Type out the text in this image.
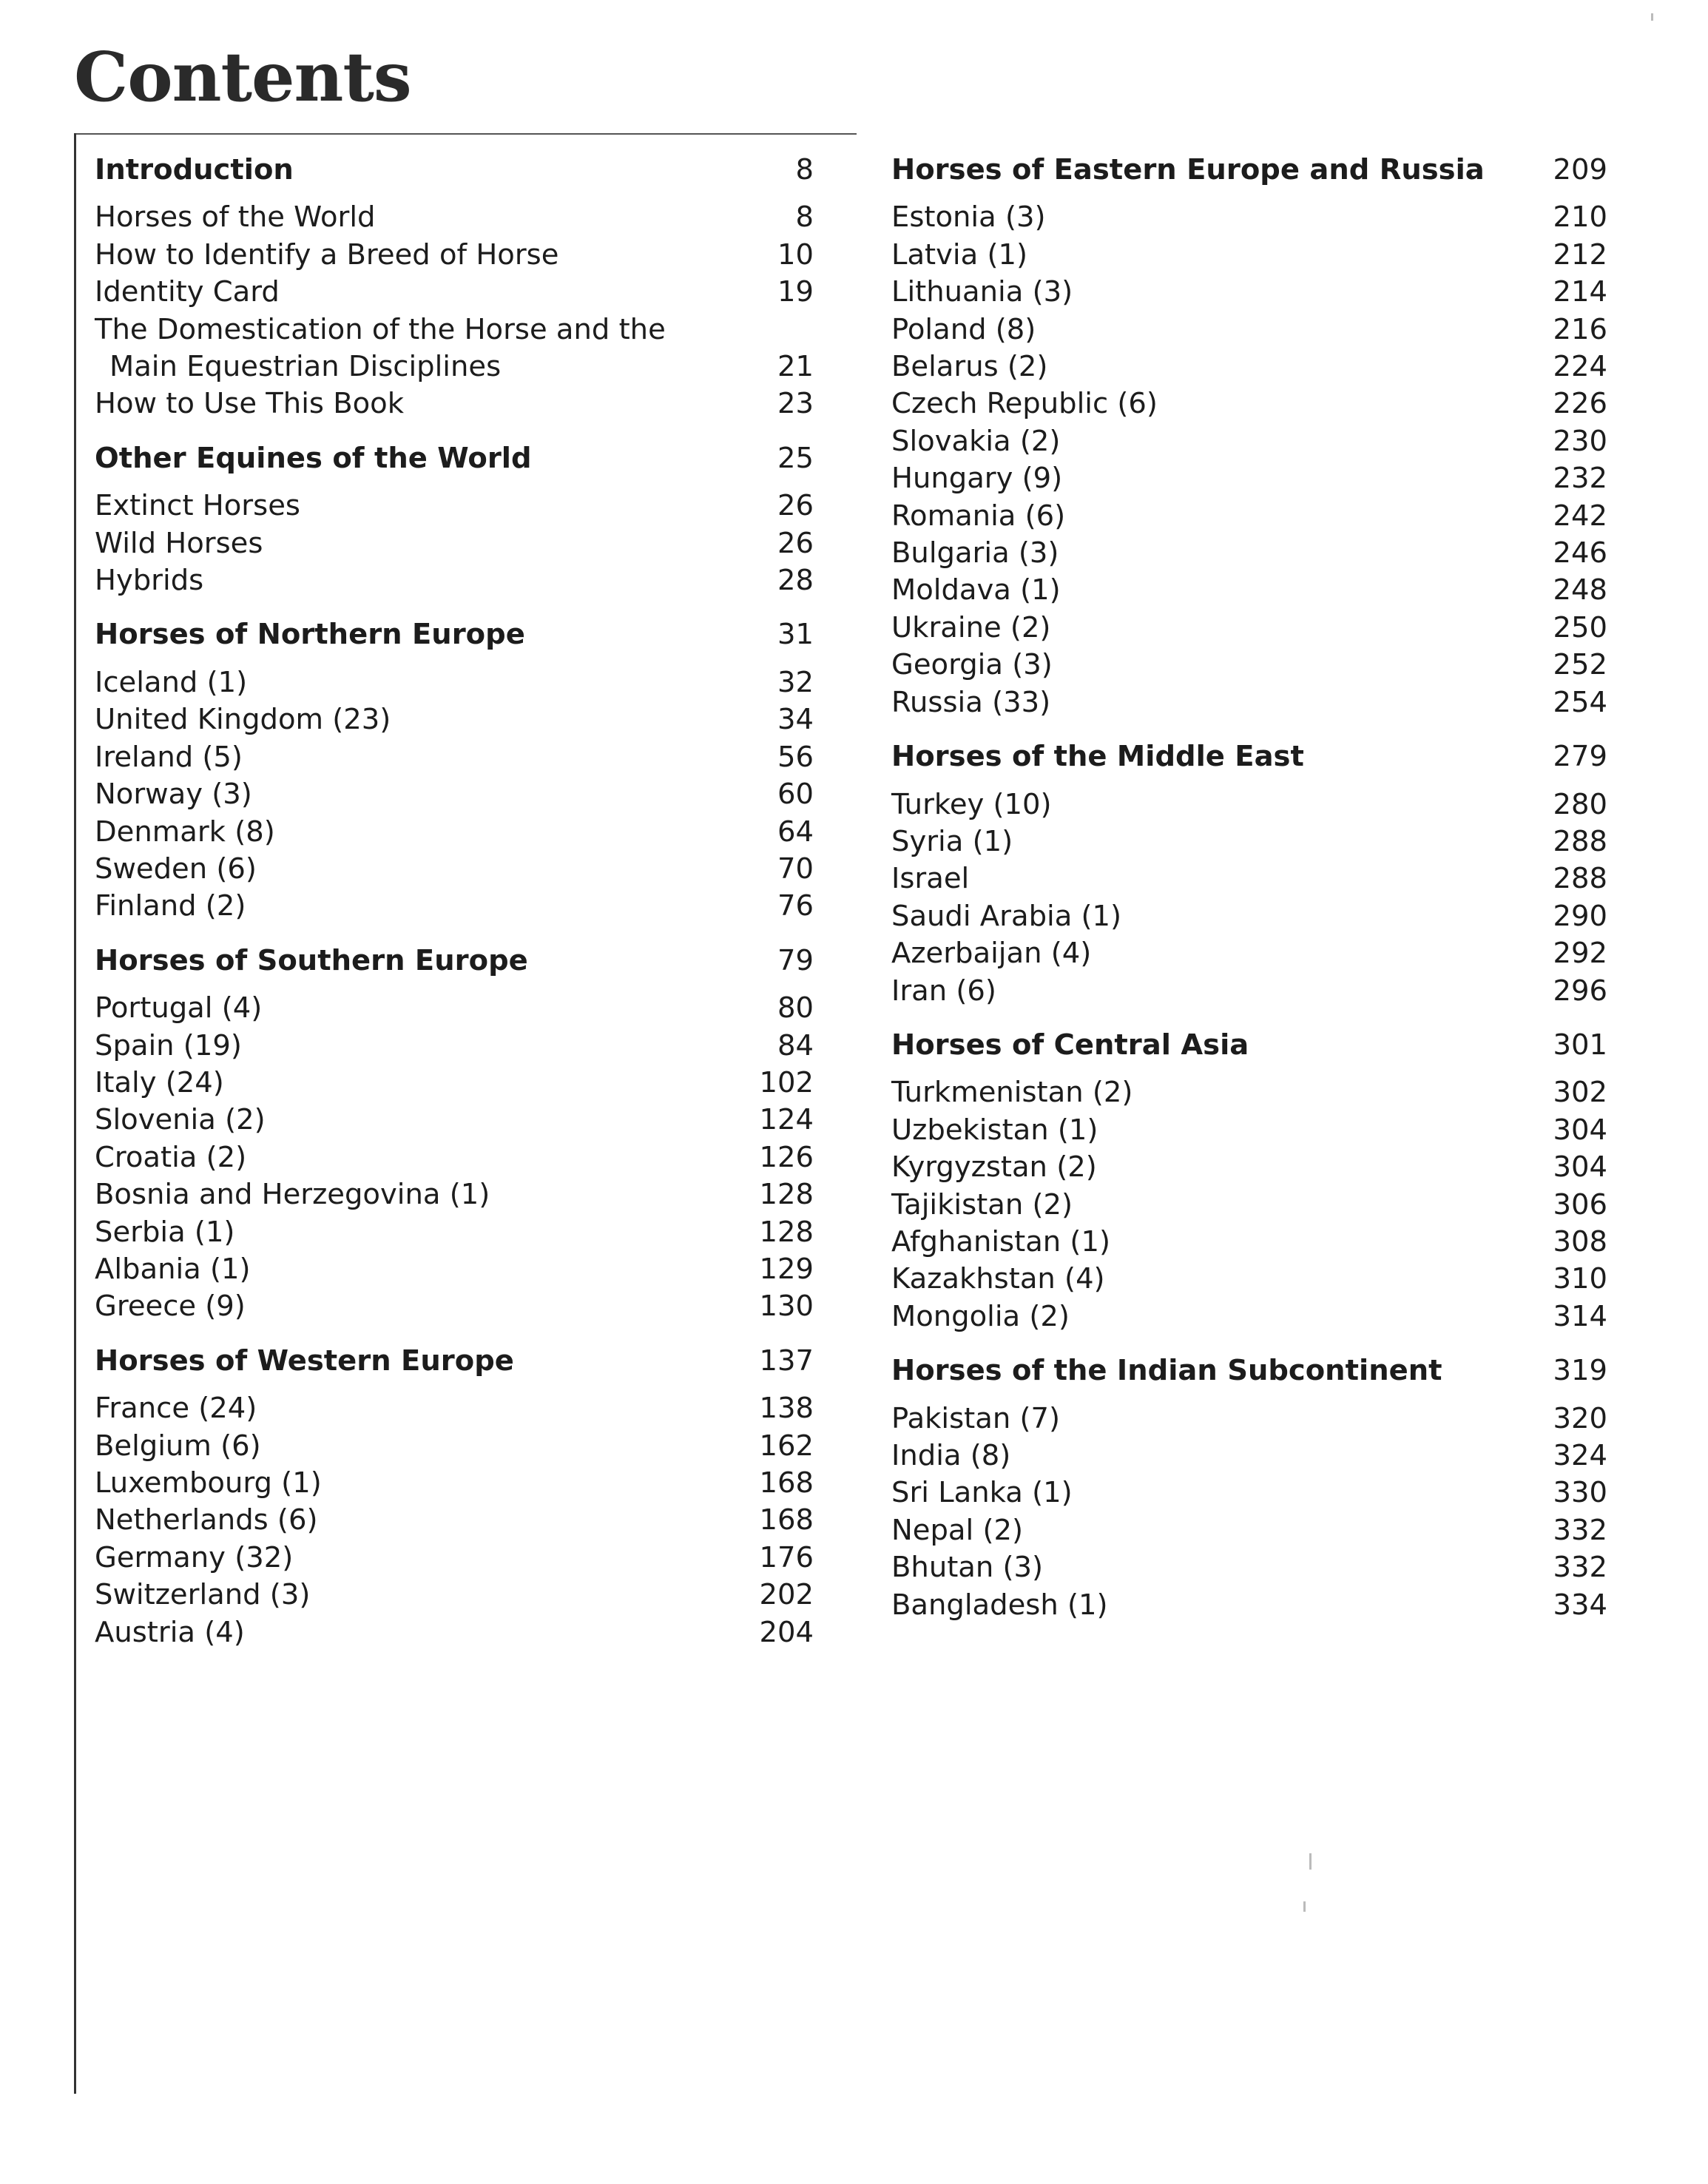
Contents
Introduction	8
Horses of the World	8
How to Identify a Breed of Horse	10
Identity Card	19
The Domestication of the Horse and the
Main Equestrian Disciplines	21
How to Use This Book	23
Other Equines of the World	25
Extinct Horses	26
Wild Horses	26
Hybrids	28
Horses of Northern Europe	31
Iceland (1)	32
United Kingdom (23)	34
Ireland (5)	56
Norway (3)	60
Denmark (8)	64
Sweden (6)	70
Finland (2)	76
Horses of Southern Europe	79
Portugal (4)	80
Spain (19)	84
Italy (24)	102
Slovenia (2)	124
Croatia (2)	126
Bosnia and Herzegovina (1)	128
Serbia (1)	128
Albania (1)	129
Greece (9)	130
Horses of Western Europe	137
France (24)	138
Belgium (6)	162
Luxembourg (1)	168
Netherlands (6)	168
Germany (32)	176
Switzerland (3)	202
Austria (4)	204
Horses of Eastern Europe and Russia 209
Estonia (3)	210
Latvia (1)	212
Lithuania (3)	214
Poland (8)	216
Belarus (2)	224
Czech Republic (6)	226
Slovakia (2)	230
Hungary (9)	232
Romania (6)	242
Bulgaria (3)	246
Moldava (1)	248
Ukraine (2)	250
Georgia (3)	252
Russia (33)	254
Horses of the Middle East	279
Turkey (10)	280
Syria (1)	288
Israel	288
Saudi Arabia (1)	290
Azerbaijan (4)	292
Iran (6)	296
Horses of Central Asia	301
Turkmenistan (2)	302
Uzbekistan (1)	304
Kyrgyzstan (2)	304
Tajikistan (2)	306
Afghanistan (1)	308
Kazakhstan (4)	310
Mongolia (2)	314
Horses of the Indian Subcontinent	319
Pakistan (7)	320
India (8)	324
Sri Lanka (1)	330
Nepal (2)	332
Bhutan (3)	332
Bangladesh (1)	334
